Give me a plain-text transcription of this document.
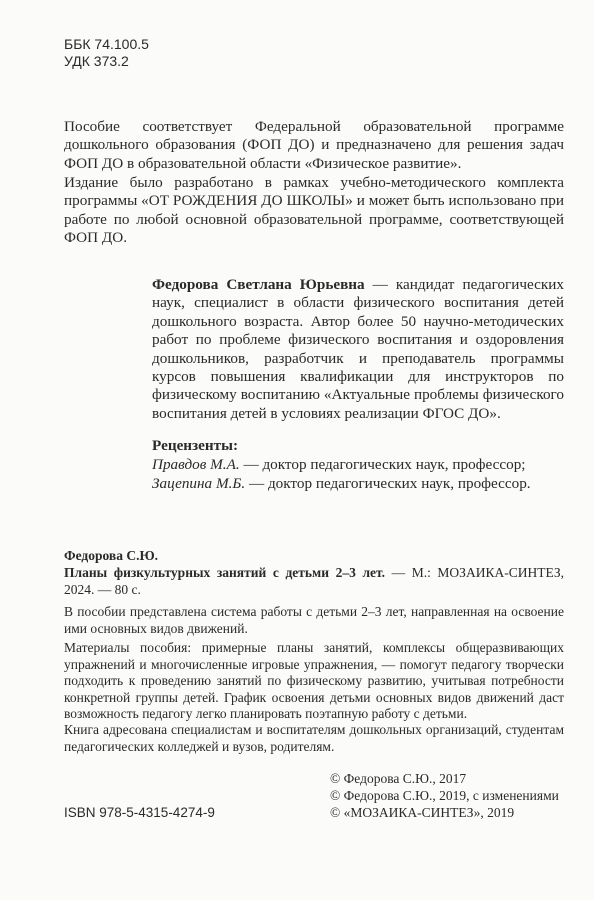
●
ББК 74.100.5
УДК 373.2

Пособие соответствует Федеральной образовательной программе дошкольного образования (ФОП ДО) и предназначено для решения задач ФОП ДО в образовательной области «Физическое развитие».

Издание было разработано в рамках учебно-методического комплекта программы «ОТ РОЖДЕНИЯ ДО ШКОЛЫ» и может быть использовано при работе по любой основной образовательной программе, соответствующей ФОП ДО.

Федорова Светлана Юрьевна — кандидат педагогических наук, специалист в области физического воспитания детей дошкольного возраста. Автор более 50 научно-методических работ по проблеме физического воспитания и оздоровления дошкольников, разработчик и преподаватель программы курсов повышения квалификации для инструкторов по физическому воспитанию «Актуальные проблемы физического воспитания детей в условиях реализации ФГОС ДО».

Рецензенты:

Правдов М.А. — доктор педагогических наук, профессор;

Зацепина М.Б. — доктор педагогических наук, профессор.

Федорова С.Ю.

Планы физкультурных занятий с детьми 2–3 лет. — М.: МОЗАИКА-СИНТЕЗ, 2024. — 80 с.

В пособии представлена система работы с детьми 2–3 лет, направленная на освоение ими основных видов движений.

Материалы пособия: примерные планы занятий, комплексы общеразвивающих упражнений и многочисленные игровые упражнения, — помогут педагогу творчески подходить к проведению занятий по физическому развитию, учитывая потребности конкретной группы детей. График освоения детьми основных видов движений даст возможность педагогу легко планировать поэтапную работу с детьми.

Книга адресована специалистам и воспитателям дошкольных организаций, студентам педагогических колледжей и вузов, родителям.

© Федорова С.Ю., 2017
© Федорова С.Ю., 2019, с изменениями
© «МОЗАИКА-СИНТЕЗ», 2019
ISBN 978-5-4315-4274-9
